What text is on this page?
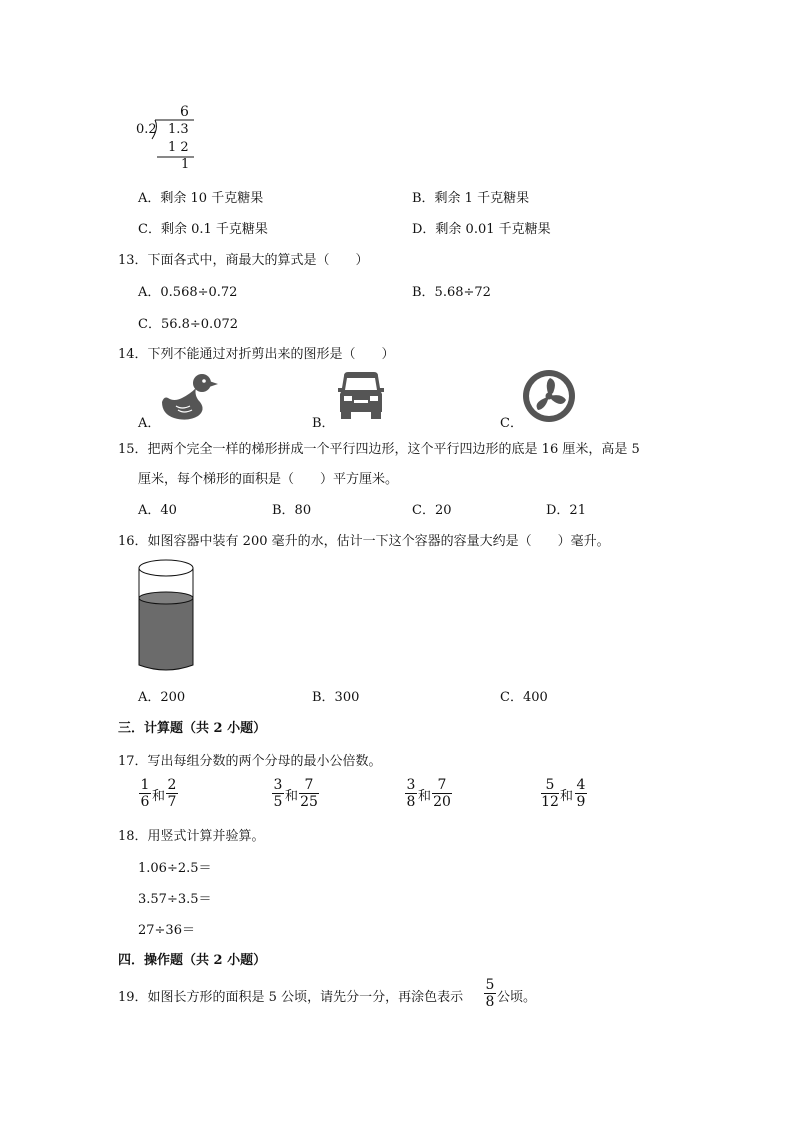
6
0.2 1.3
1 2
1
A．剩余 10 千克糖果	B．剩余 1 千克糖果
C．剩余 0.1 千克糖果	D．剩余 0.01 千克糖果
13．下面各式中，商最大的算式是（　　）
A．0.568÷0.72	B．5.68÷72
C．56.8÷0.072
14．下列不能通过对折剪出来的图形是（　　）
A．	B．	C．
15．把两个完全一样的梯形拼成一个平行四边形，这个平行四边形的底是 16 厘米，高是 5
厘米，每个梯形的面积是（　　）平方厘米。
A．40	B．80	C．20	D．21
16．如图容器中装有 200 毫升的水，估计一下这个容器的容量大约是（　　）毫升。
A．200	B．300	C．400
三．计算题（共 2 小题）
17．写出每组分数的两个分母的最小公倍数。
1
6 和
2
7
3
5 和
7
25
3
8 和
7
20
5
12 和
4
9
18．用竖式计算并验算。
1.06÷2.5＝
3.57÷3.5＝
27÷36＝
四．操作题（共 2 小题）
19．如图长方形的面积是 5 公顷，请先分一分，再涂色表示
5
8 公顷。
